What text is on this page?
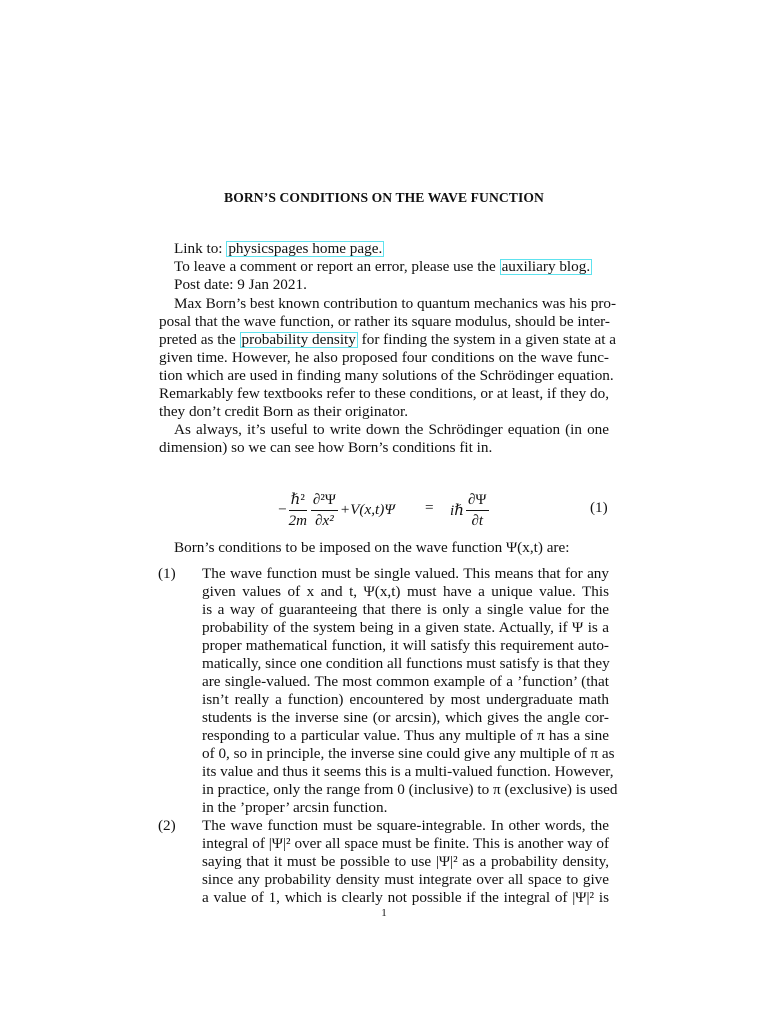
BORN’S CONDITIONS ON THE WAVE FUNCTION
Link to: physicspages home page.
To leave a comment or report an error, please use the auxiliary blog.
Post date: 9 Jan 2021.
Max Born’s best known contribution to quantum mechanics was his pro-
posal that the wave function, or rather its square modulus, should be inter-
preted as the probability density for finding the system in a given state at a
given time. However, he also proposed four conditions on the wave func-
tion which are used in finding many solutions of the Schrödinger equation.
Remarkably few textbooks refer to these conditions, or at least, if they do,
they don’t credit Born as their originator.
As always, it’s useful to write down the Schrödinger equation (in one
dimension) so we can see how Born’s conditions fit in.
− $\frac{\text{ℏ²}}{2m} \frac{\text{∂²Ψ}}{\text{∂x²}} +V(x,t)\Psi$ = iℏ $\frac{\partial\Psi}{\partial t}$	(1)
Born’s conditions to be imposed on the wave function Ψ(x,t) are:
(1) The wave function must be single valued. This means that for any
given values of x and t, Ψ(x,t) must have a unique value. This
is a way of guaranteeing that there is only a single value for the
probability of the system being in a given state. Actually, if Ψ is a
proper mathematical function, it will satisfy this requirement auto-
matically, since one condition all functions must satisfy is that they
are single-valued. The most common example of a ’function’ (that
isn’t really a function) encountered by most undergraduate math
students is the inverse sine (or arcsin), which gives the angle cor-
responding to a particular value. Thus any multiple of π has a sine
of 0, so in principle, the inverse sine could give any multiple of π as
its value and thus it seems this is a multi-valued function. However,
in practice, only the range from 0 (inclusive) to π (exclusive) is used
in the ’proper’ arcsin function.
(2) The wave function must be square-integrable. In other words, the
integral of |Ψ|² over all space must be finite. This is another way of
saying that it must be possible to use |Ψ|² as a probability density,
since any probability density must integrate over all space to give
a value of 1, which is clearly not possible if the integral of |Ψ|² is
1
